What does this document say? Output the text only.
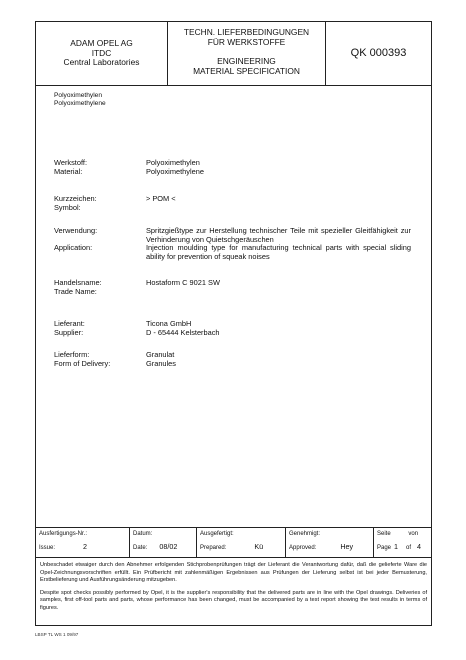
ADAM OPEL AG
ITDC
Central Laboratories
TECHN. LIEFERBEDINGUNGEN
FÜR WERKSTOFFE
ENGINEERING
MATERIAL SPECIFICATION
QK 000393
Polyoximethylen
Polyoximethylene
Werkstoff:
Material:
Polyoximethylen
Polyoximethylene
Kurzzeichen:
Symbol:
> POM <
Verwendung:

Application:
Spritzgießtype zur Herstellung technischer Teile mit spezieller Gleitfähigkeit zur Verhinderung von Quietschgeräuschen
Injection moulding type for manufacturing technical parts with special sliding ability for prevention of squeak noises
Handelsname:
Trade Name:
Hostaform C 9021 SW
Lieferant:
Supplier:
Ticona GmbH
D - 65444 Kelsterbach
Lieferform:
Form of Delivery:
Granulat
Granules
Ausfertigungs-Nr.:
Issue:	2
Datum:
Date: 08/02
Ausgefertigt:
Prepared:	Kü
Genehmigt:
Approved:	Hey
Seite	von
Page 1 of 4

Unbeschadet etwaiger durch den Abnehmer erfolgenden Stichprobenprüfungen trägt der Lieferant die Verantwortung dafür, daß die gelieferte Ware die Opel-Zeichnungsvorschriften erfüllt. Ein Prüfbericht mit zahlenmäßigen Ergebnissen aus Prüfungen der Lieferung selbst ist bei jeder Bemusterung, Erstbelieferung und Ausführungsänderung mitzugeben.

Despite spot checks possibly performed by Opel, it is the supplier's responsibility that the delivered parts are in line with the Opel drawings. Deliveries of samples, first off-tool parts and parts, whose performance has been changed, must be accompanied by a test report showing the test results in terms of figures.

LBSP TL WS 1 09/97
